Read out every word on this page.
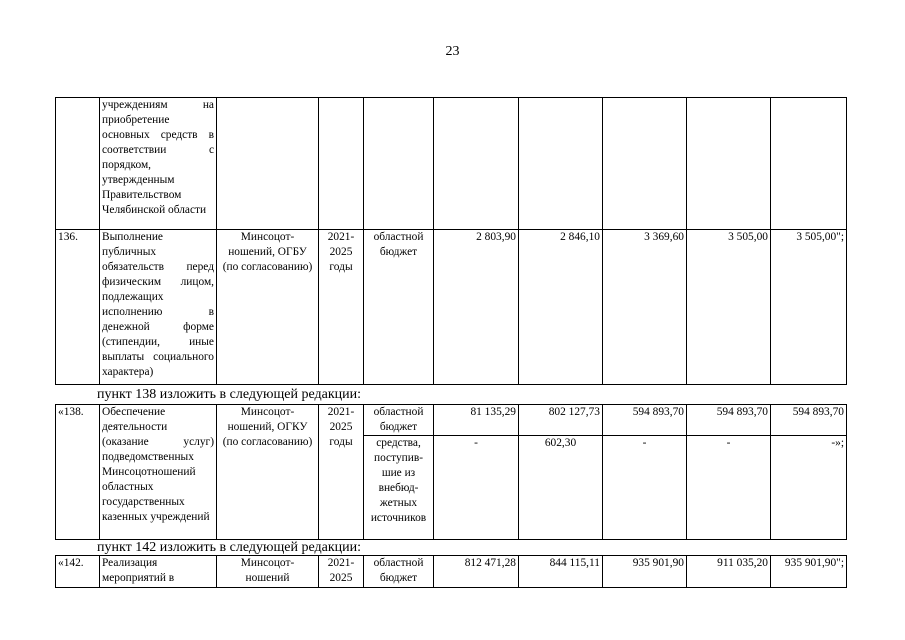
23
	учреждениям на приобретение основных средств в соответствии с порядком, утвержденным Правительством Челябинской области								
136.	Выполнение публичных обязательств перед физическим лицом, подлежащих исполнению в денежной форме (стипендии, иные выплаты социального характера)	Минсоцот-ношений, ОГБУ (по согласованию)	2021-2025 годы	областной бюджет	2 803,90	2 846,10	3 369,60	3 505,00	3 505,00";
пункт 138 изложить в следующей редакции:
«138.	Обеспечение деятельности (оказание услуг) подведомственных Минсоцотношений областных государственных казенных учреждений	Минсоцот-ношений, ОГКУ (по согласованию)	2021-2025 годы	областной бюджет	81 135,29	802 127,73	594 893,70	594 893,70	594 893,70
				средства, поступив-шие из внебюд-жетных источников	-	602,30	-	-	-»;
пункт 142 изложить в следующей редакции:
«142.	Реализация мероприятий в	Минсоцот-ношений	2021-2025	областной бюджет	812 471,28	844 115,11	935 901,90	911 035,20	935 901,90";
